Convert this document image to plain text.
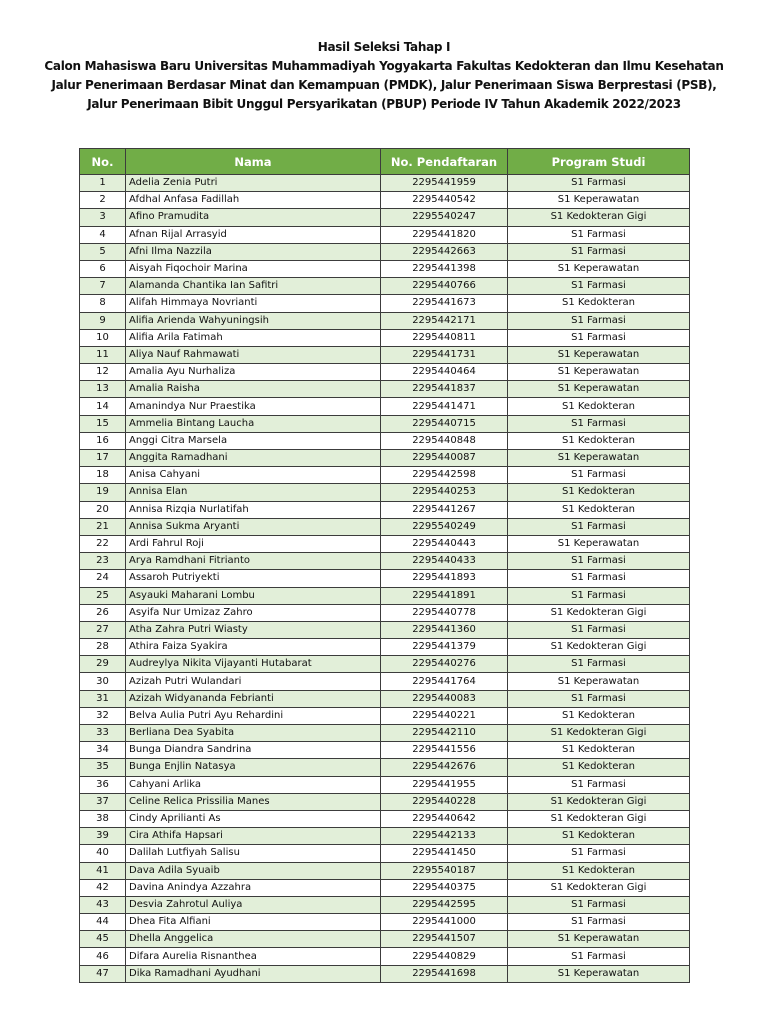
Hasil Seleksi Tahap I
Calon Mahasiswa Baru Universitas Muhammadiyah Yogyakarta Fakultas Kedokteran dan Ilmu Kesehatan
Jalur Penerimaan Berdasar Minat dan Kemampuan (PMDK), Jalur Penerimaan Siswa Berprestasi (PSB),
Jalur Penerimaan Bibit Unggul Persyarikatan (PBUP) Periode IV Tahun Akademik 2022/2023
No.	Nama	No. Pendaftaran	Program Studi
1	Adelia Zenia Putri	2295441959	S1 Farmasi
2	Afdhal Anfasa Fadillah	2295440542	S1 Keperawatan
3	Afino Pramudita	2295540247	S1 Kedokteran Gigi
4	Afnan Rijal Arrasyid	2295441820	S1 Farmasi
5	Afni Ilma Nazzila	2295442663	S1 Farmasi
6	Aisyah Fiqochoir Marina	2295441398	S1 Keperawatan
7	Alamanda Chantika Ian Safitri	2295440766	S1 Farmasi
8	Alifah Himmaya Novrianti	2295441673	S1 Kedokteran
9	Alifia Arienda Wahyuningsih	2295442171	S1 Farmasi
10	Alifia Arila Fatimah	2295440811	S1 Farmasi
11	Aliya Nauf Rahmawati	2295441731	S1 Keperawatan
12	Amalia Ayu Nurhaliza	2295440464	S1 Keperawatan
13	Amalia Raisha	2295441837	S1 Keperawatan
14	Amanindya Nur Praestika	2295441471	S1 Kedokteran
15	Ammelia Bintang Laucha	2295440715	S1 Farmasi
16	Anggi Citra Marsela	2295440848	S1 Kedokteran
17	Anggita Ramadhani	2295440087	S1 Keperawatan
18	Anisa Cahyani	2295442598	S1 Farmasi
19	Annisa Elan	2295440253	S1 Kedokteran
20	Annisa Rizqia Nurlatifah	2295441267	S1 Kedokteran
21	Annisa Sukma Aryanti	2295540249	S1 Farmasi
22	Ardi Fahrul Roji	2295440443	S1 Keperawatan
23	Arya Ramdhani Fitrianto	2295440433	S1 Farmasi
24	Assaroh Putriyekti	2295441893	S1 Farmasi
25	Asyauki Maharani Lombu	2295441891	S1 Farmasi
26	Asyifa Nur Umizaz Zahro	2295440778	S1 Kedokteran Gigi
27	Atha Zahra Putri Wiasty	2295441360	S1 Farmasi
28	Athira Faiza Syakira	2295441379	S1 Kedokteran Gigi
29	Audreylya Nikita Vijayanti Hutabarat	2295440276	S1 Farmasi
30	Azizah Putri Wulandari	2295441764	S1 Keperawatan
31	Azizah Widyananda Febrianti	2295440083	S1 Farmasi
32	Belva Aulia Putri Ayu Rehardini	2295440221	S1 Kedokteran
33	Berliana Dea Syabita	2295442110	S1 Kedokteran Gigi
34	Bunga Diandra Sandrina	2295441556	S1 Kedokteran
35	Bunga Enjlin Natasya	2295442676	S1 Kedokteran
36	Cahyani Arlika	2295441955	S1 Farmasi
37	Celine Relica Prissilia Manes	2295440228	S1 Kedokteran Gigi
38	Cindy Aprilianti As	2295440642	S1 Kedokteran Gigi
39	Cira Athifa Hapsari	2295442133	S1 Kedokteran
40	Dalilah Lutfiyah Salisu	2295441450	S1 Farmasi
41	Dava Adila Syuaib	2295540187	S1 Kedokteran
42	Davina Anindya Azzahra	2295440375	S1 Kedokteran Gigi
43	Desvia Zahrotul Auliya	2295442595	S1 Farmasi
44	Dhea Fita Alfiani	2295441000	S1 Farmasi
45	Dhella Anggelica	2295441507	S1 Keperawatan
46	Difara Aurelia Risnanthea	2295440829	S1 Farmasi
47	Dika Ramadhani Ayudhani	2295441698	S1 Keperawatan
